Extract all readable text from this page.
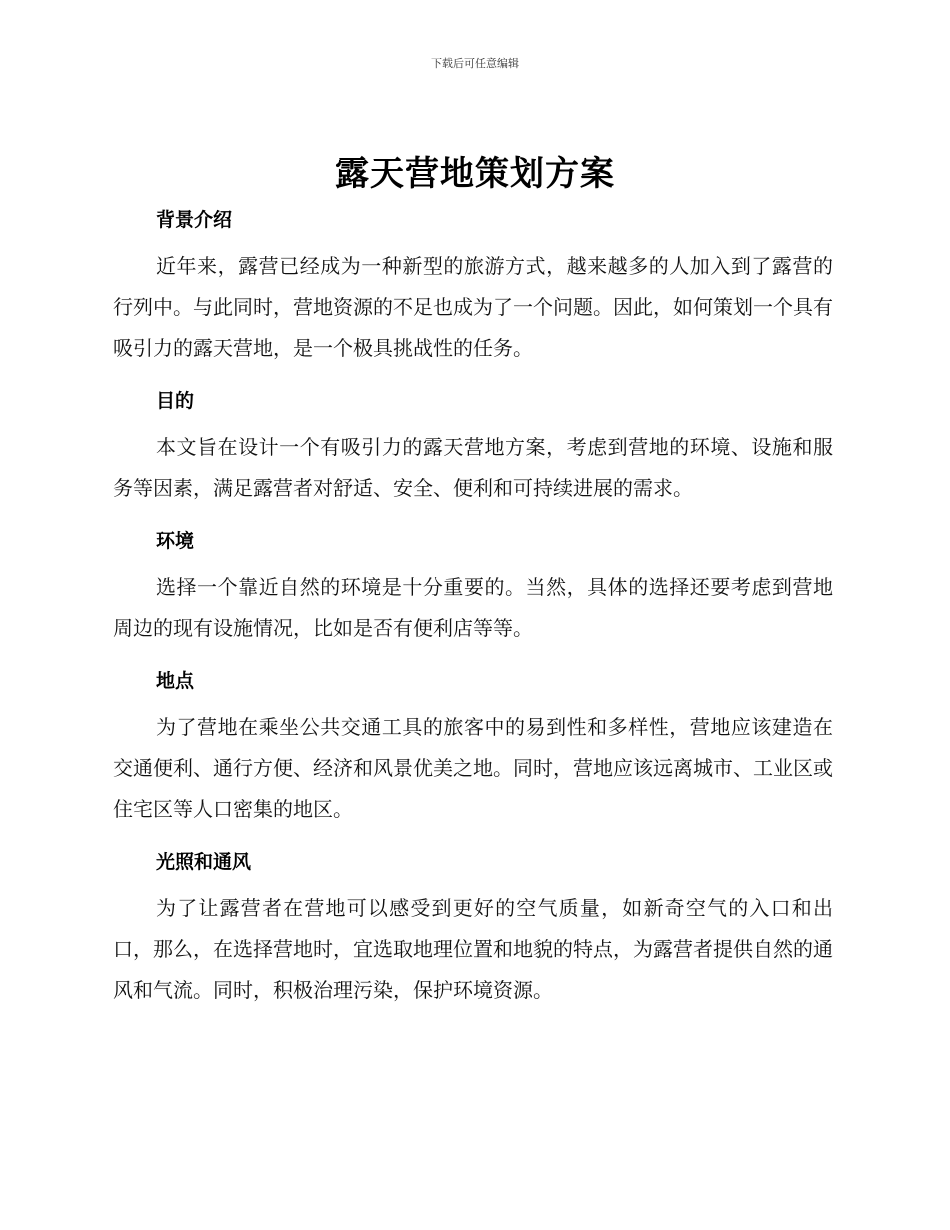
下载后可任意编辑
露天营地策划方案
背景介绍

近年来，露营已经成为一种新型的旅游方式，越来越多的人加入到了露营的行列中。与此同时，营地资源的不足也成为了一个问题。因此，如何策划一个具有吸引力的露天营地，是一个极具挑战性的任务。

目的

本文旨在设计一个有吸引力的露天营地方案，考虑到营地的环境、设施和服务等因素，满足露营者对舒适、安全、便利和可持续进展的需求。

环境

选择一个靠近自然的环境是十分重要的。当然，具体的选择还要考虑到营地周边的现有设施情况，比如是否有便利店等等。

地点

为了营地在乘坐公共交通工具的旅客中的易到性和多样性，营地应该建造在交通便利、通行方便、经济和风景优美之地。同时，营地应该远离城市、工业区或住宅区等人口密集的地区。

光照和通风

为了让露营者在营地可以感受到更好的空气质量，如新奇空气的入口和出口，那么，在选择营地时，宜选取地理位置和地貌的特点，为露营者提供自然的通风和气流。同时，积极治理污染，保护环境资源。
